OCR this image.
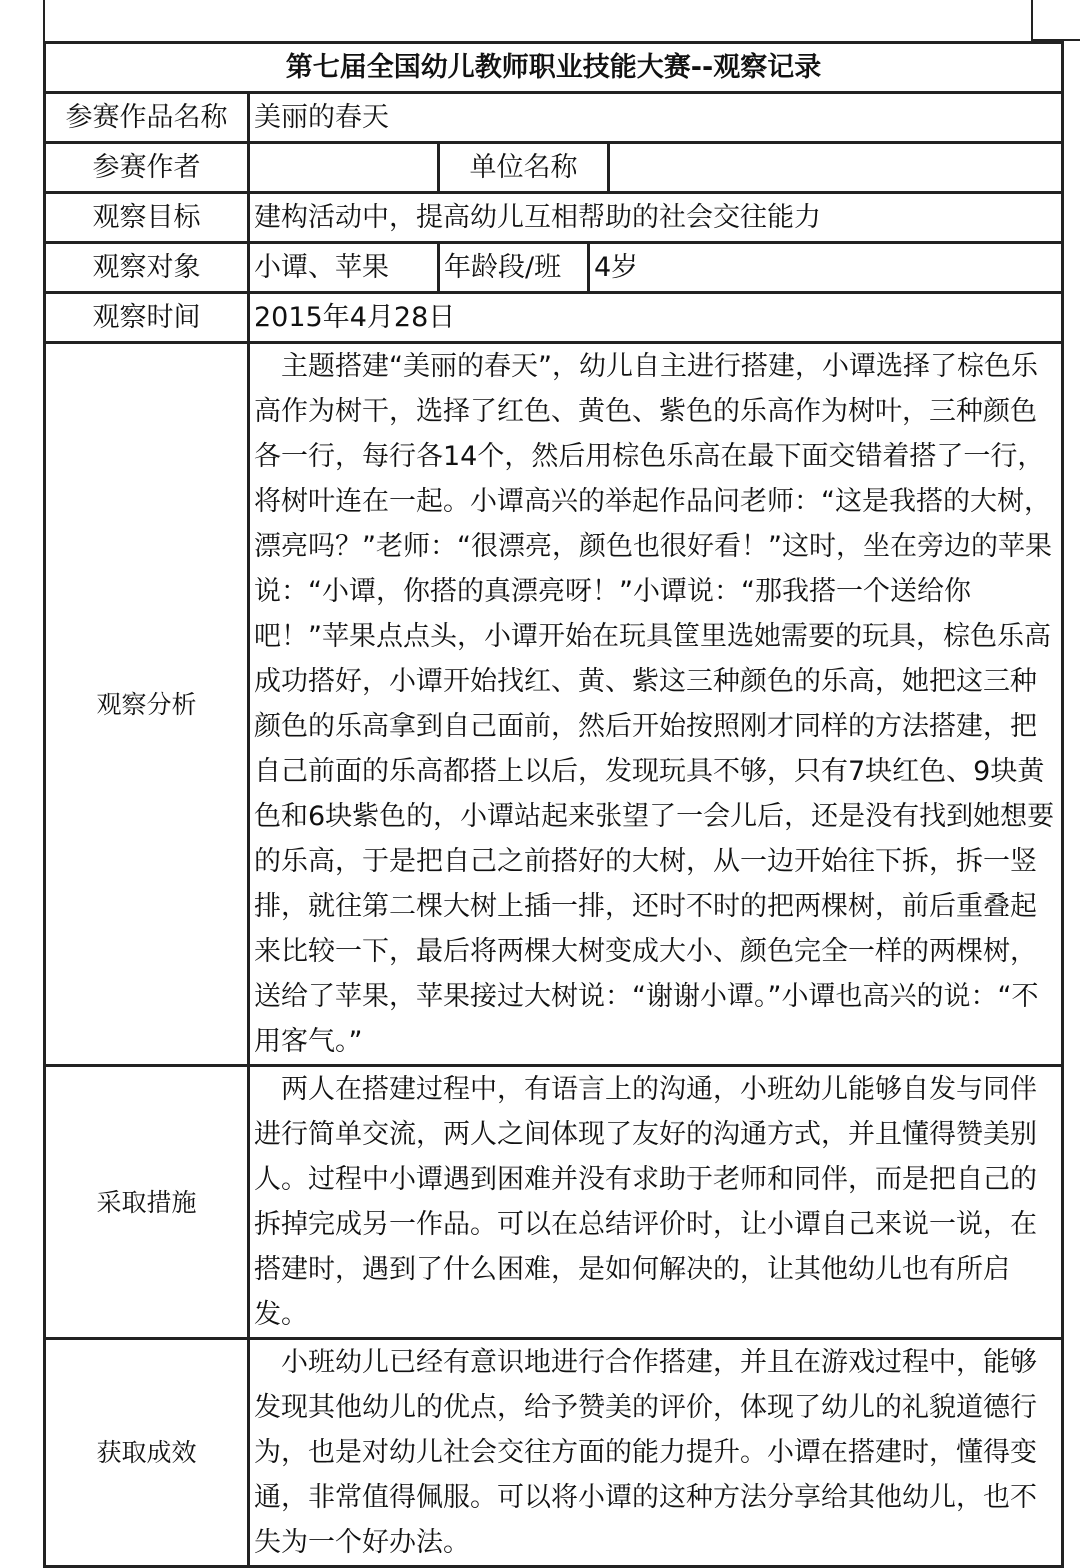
第七届全国幼儿教师职业技能大赛--观察记录				
参赛作品名称	美丽的春天			
参赛作者		单位名称		
观察目标	建构活动中，提高幼儿互相帮助的社会交往能力			
观察对象	小谭、苹果	年龄段/班	4岁	
观察时间	2015年4月28日			
观察分析	主题搭建“美丽的春天”，幼儿自主进行搭建，小谭选择了棕色乐高作为树干，选择了红色、黄色、紫色的乐高作为树叶，三种颜色各一行，每行各14个，然后用棕色乐高在最下面交错着搭了一行，将树叶连在一起。小谭高兴的举起作品问老师：“这是我搭的大树，漂亮吗？”老师：“很漂亮，颜色也很好看！”这时，坐在旁边的苹果说：“小谭，你搭的真漂亮呀！”小谭说：“那我搭一个送给你吧！”苹果点点头，小谭开始在玩具筐里选她需要的玩具，棕色乐高成功搭好，小谭开始找红、黄、紫这三种颜色的乐高，她把这三种颜色的乐高拿到自己面前，然后开始按照刚才同样的方法搭建，把自己前面的乐高都搭上以后，发现玩具不够，只有7块红色、9块黄色和6块紫色的，小谭站起来张望了一会儿后，还是没有找到她想要的乐高，于是把自己之前搭好的大树，从一边开始往下拆，拆一竖排，就往第二棵大树上插一排，还时不时的把两棵树，前后重叠起来比较一下，最后将两棵大树变成大小、颜色完全一样的两棵树，送给了苹果，苹果接过大树说：“谢谢小谭。”小谭也高兴的说：“不用客气。”			

采取措施	两人在搭建过程中，有语言上的沟通，小班幼儿能够自发与同伴进行简单交流，两人之间体现了友好的沟通方式，并且懂得赞美别人。过程中小谭遇到困难并没有求助于老师和同伴，而是把自己的拆掉完成另一作品。可以在总结评价时，让小谭自己来说一说，在搭建时，遇到了什么困难，是如何解决的，让其他幼儿也有所启发。			

获取成效	小班幼儿已经有意识地进行合作搭建，并且在游戏过程中，能够发现其他幼儿的优点，给予赞美的评价，体现了幼儿的礼貌道德行为，也是对幼儿社会交往方面的能力提升。小谭在搭建时，懂得变通，非常值得佩服。可以将小谭的这种方法分享给其他幼儿，也不失为一个好办法。			
